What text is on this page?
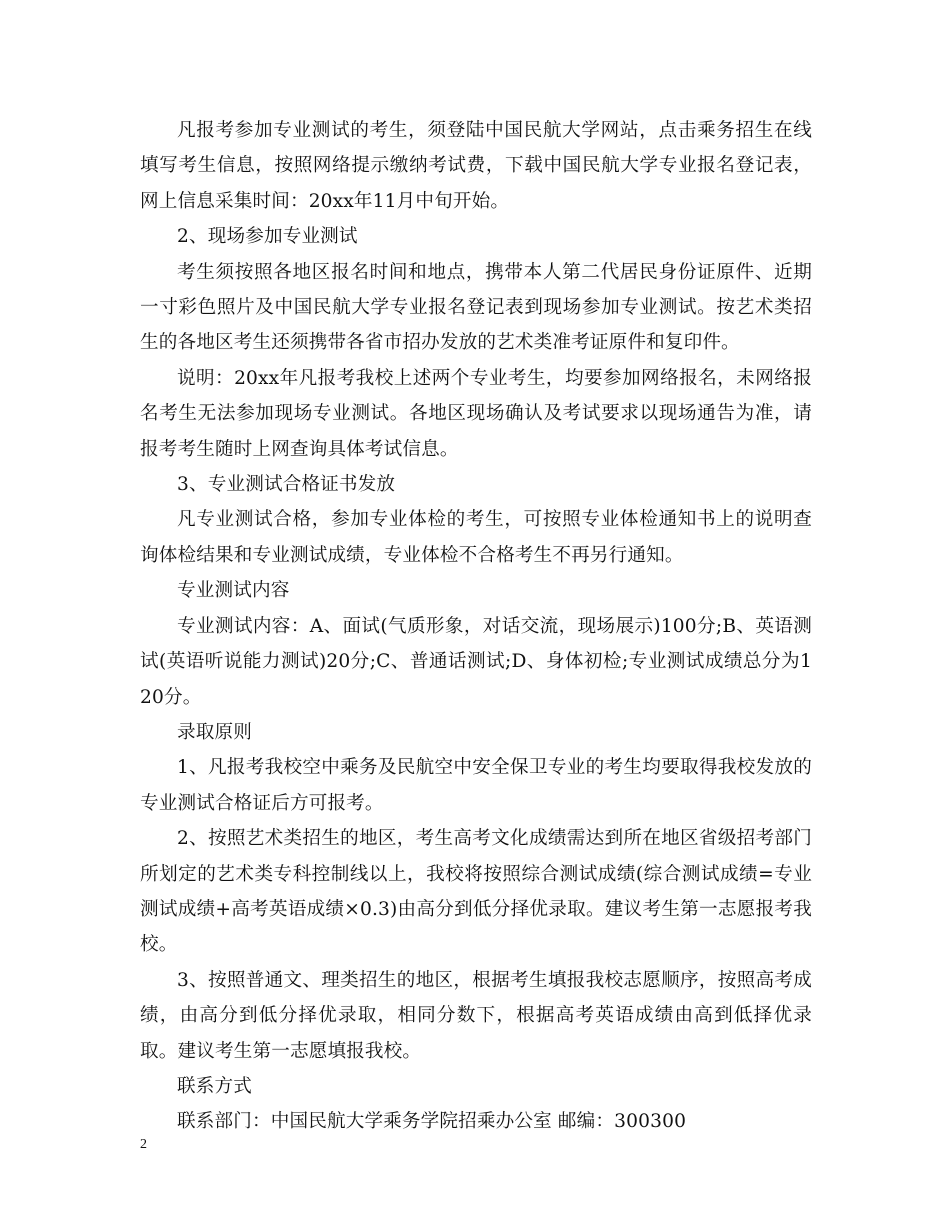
凡报考参加专业测试的考生，须登陆中国民航大学网站，点击乘务招生在线填写考生信息，按照网络提示缴纳考试费，下载中国民航大学专业报名登记表，网上信息采集时间：20xx年11月中旬开始。

2、现场参加专业测试

考生须按照各地区报名时间和地点，携带本人第二代居民身份证原件、近期一寸彩色照片及中国民航大学专业报名登记表到现场参加专业测试。按艺术类招生的各地区考生还须携带各省市招办发放的艺术类准考证原件和复印件。

说明：20xx年凡报考我校上述两个专业考生，均要参加网络报名，未网络报名考生无法参加现场专业测试。各地区现场确认及考试要求以现场通告为准，请报考考生随时上网查询具体考试信息。

3、专业测试合格证书发放

凡专业测试合格，参加专业体检的考生，可按照专业体检通知书上的说明查询体检结果和专业测试成绩，专业体检不合格考生不再另行通知。

专业测试内容

专业测试内容：A、面试(气质形象，对话交流，现场展示)100分;B、英语测试(英语听说能力测试)20分;C、普通话测试;D、身体初检;专业测试成绩总分为120分。

录取原则

1、凡报考我校空中乘务及民航空中安全保卫专业的考生均要取得我校发放的专业测试合格证后方可报考。

2、按照艺术类招生的地区，考生高考文化成绩需达到所在地区省级招考部门所划定的艺术类专科控制线以上，我校将按照综合测试成绩(综合测试成绩=专业测试成绩+高考英语成绩×0.3)由高分到低分择优录取。建议考生第一志愿报考我校。

3、按照普通文、理类招生的地区，根据考生填报我校志愿顺序，按照高考成绩，由高分到低分择优录取，相同分数下，根据高考英语成绩由高到低择优录取。建议考生第一志愿填报我校。

联系方式

联系部门：中国民航大学乘务学院招乘办公室 邮编：300300

2
